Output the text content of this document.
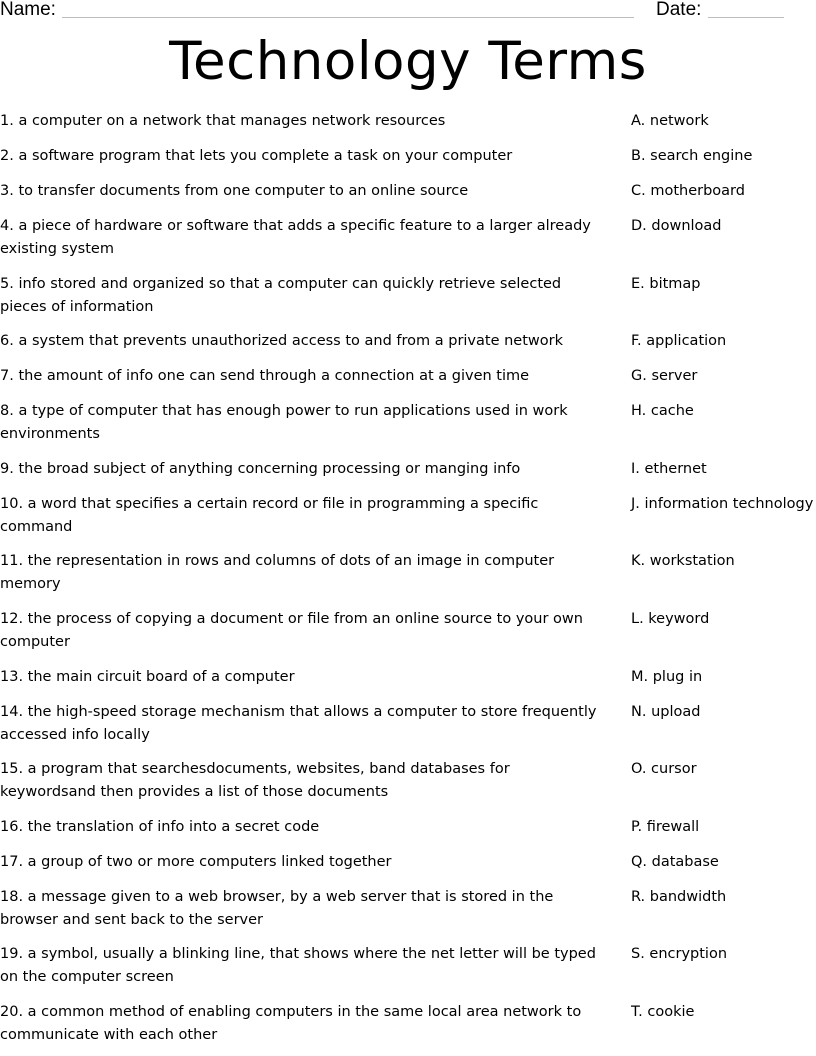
Name:	Date:
Technology Terms
1. a computer on a network that manages network resources
2. a software program that lets you complete a task on your computer
3. to transfer documents from one computer to an online source
4. a piece of hardware or software that adds a specific feature to a larger already existing system
5. info stored and organized so that a computer can quickly retrieve selected pieces of information
6. a system that prevents unauthorized access to and from a private network
7. the amount of info one can send through a connection at a given time
8. a type of computer that has enough power to run applications used in work environments
9. the broad subject of anything concerning processing or manging info
10. a word that specifies a certain record or file in programming a specific command
11. the representation in rows and columns of dots of an image in computer memory
12. the process of copying a document or file from an online source to your own computer
13. the main circuit board of a computer
14. the high-speed storage mechanism that allows a computer to store frequently accessed info locally
15. a program that searchesdocuments, websites, band databases for keywordsand then provides a list of those documents
16. the translation of info into a secret code
17. a group of two or more computers linked together
18. a message given to a web browser, by a web server that is stored in the browser and sent back to the server
19. a symbol, usually a blinking line, that shows where the net letter will be typed on the computer screen
20. a common method of enabling computers in the same local area network to communicate with each other
A. network
B. search engine
C. motherboard
D. download
E. bitmap
F. application
G. server
H. cache
I. ethernet
J. information technology
K. workstation
L. keyword
M. plug in
N. upload
O. cursor
P. firewall
Q. database
R. bandwidth
S. encryption
T. cookie
